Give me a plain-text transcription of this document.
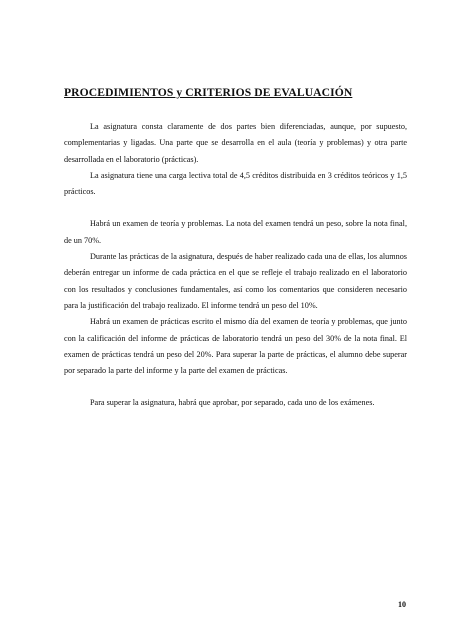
PROCEDIMIENTOS y CRITERIOS DE EVALUACIÓN

La asignatura consta claramente de dos partes bien diferenciadas, aunque, por supuesto, complementarias y ligadas. Una parte que se desarrolla en el aula (teoría y problemas) y otra parte desarrollada en el laboratorio (prácticas).

La asignatura tiene una carga lectiva total de 4,5 créditos distribuida en 3 créditos teóricos y 1,5 prácticos.

Habrá un examen de teoría y problemas. La nota del examen tendrá un peso, sobre la nota final, de un 70%.

Durante las prácticas de la asignatura, después de haber realizado cada una de ellas, los alumnos deberán entregar un informe de cada práctica en el que se refleje el trabajo realizado en el laboratorio con los resultados y conclusiones fundamentales, así como los comentarios que consideren necesario para la justificación del trabajo realizado. El informe tendrá un peso del 10%.

Habrá un examen de prácticas escrito el mismo día del examen de teoría y problemas, que junto con la calificación del informe de prácticas de laboratorio tendrá un peso del 30% de la nota final. El examen de prácticas tendrá un peso del 20%. Para superar la parte de prácticas, el alumno debe superar por separado la parte del informe y la parte del examen de prácticas.

Para superar la asignatura, habrá que aprobar, por separado, cada uno de los exámenes.

10
